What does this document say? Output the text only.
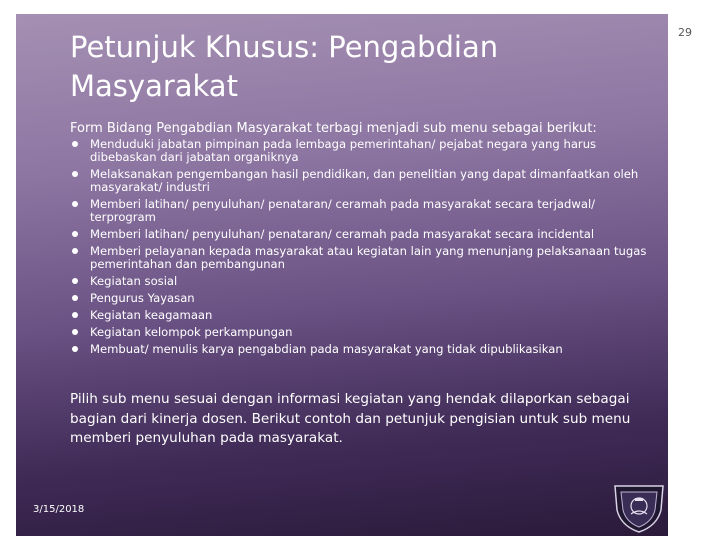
Petunjuk Khusus: Pengabdian Masyarakat

Form Bidang Pengabdian Masyarakat terbagi menjadi sub menu sebagai berikut:

Menduduki jabatan pimpinan pada lembaga pemerintahan/ pejabat negara yang harus dibebaskan dari jabatan organiknya
Melaksanakan pengembangan hasil pendidikan, dan penelitian yang dapat dimanfaatkan oleh masyarakat/ industri
Memberi latihan/ penyuluhan/ penataran/ ceramah pada masyarakat secara terjadwal/ terprogram
Memberi latihan/ penyuluhan/ penataran/ ceramah pada masyarakat secara incidental
Memberi pelayanan kepada masyarakat atau kegiatan lain yang menunjang pelaksanaan tugas pemerintahan dan pembangunan
Kegiatan sosial
Pengurus Yayasan
Kegiatan keagamaan
Kegiatan kelompok perkampungan
Membuat/ menulis karya pengabdian pada masyarakat yang tidak dipublikasikan

Pilih sub menu sesuai dengan informasi kegiatan yang hendak dilaporkan sebagai bagian dari kinerja dosen. Berikut contoh dan petunjuk pengisian untuk sub menu memberi penyuluhan pada masyarakat.

3/15/2018
29
